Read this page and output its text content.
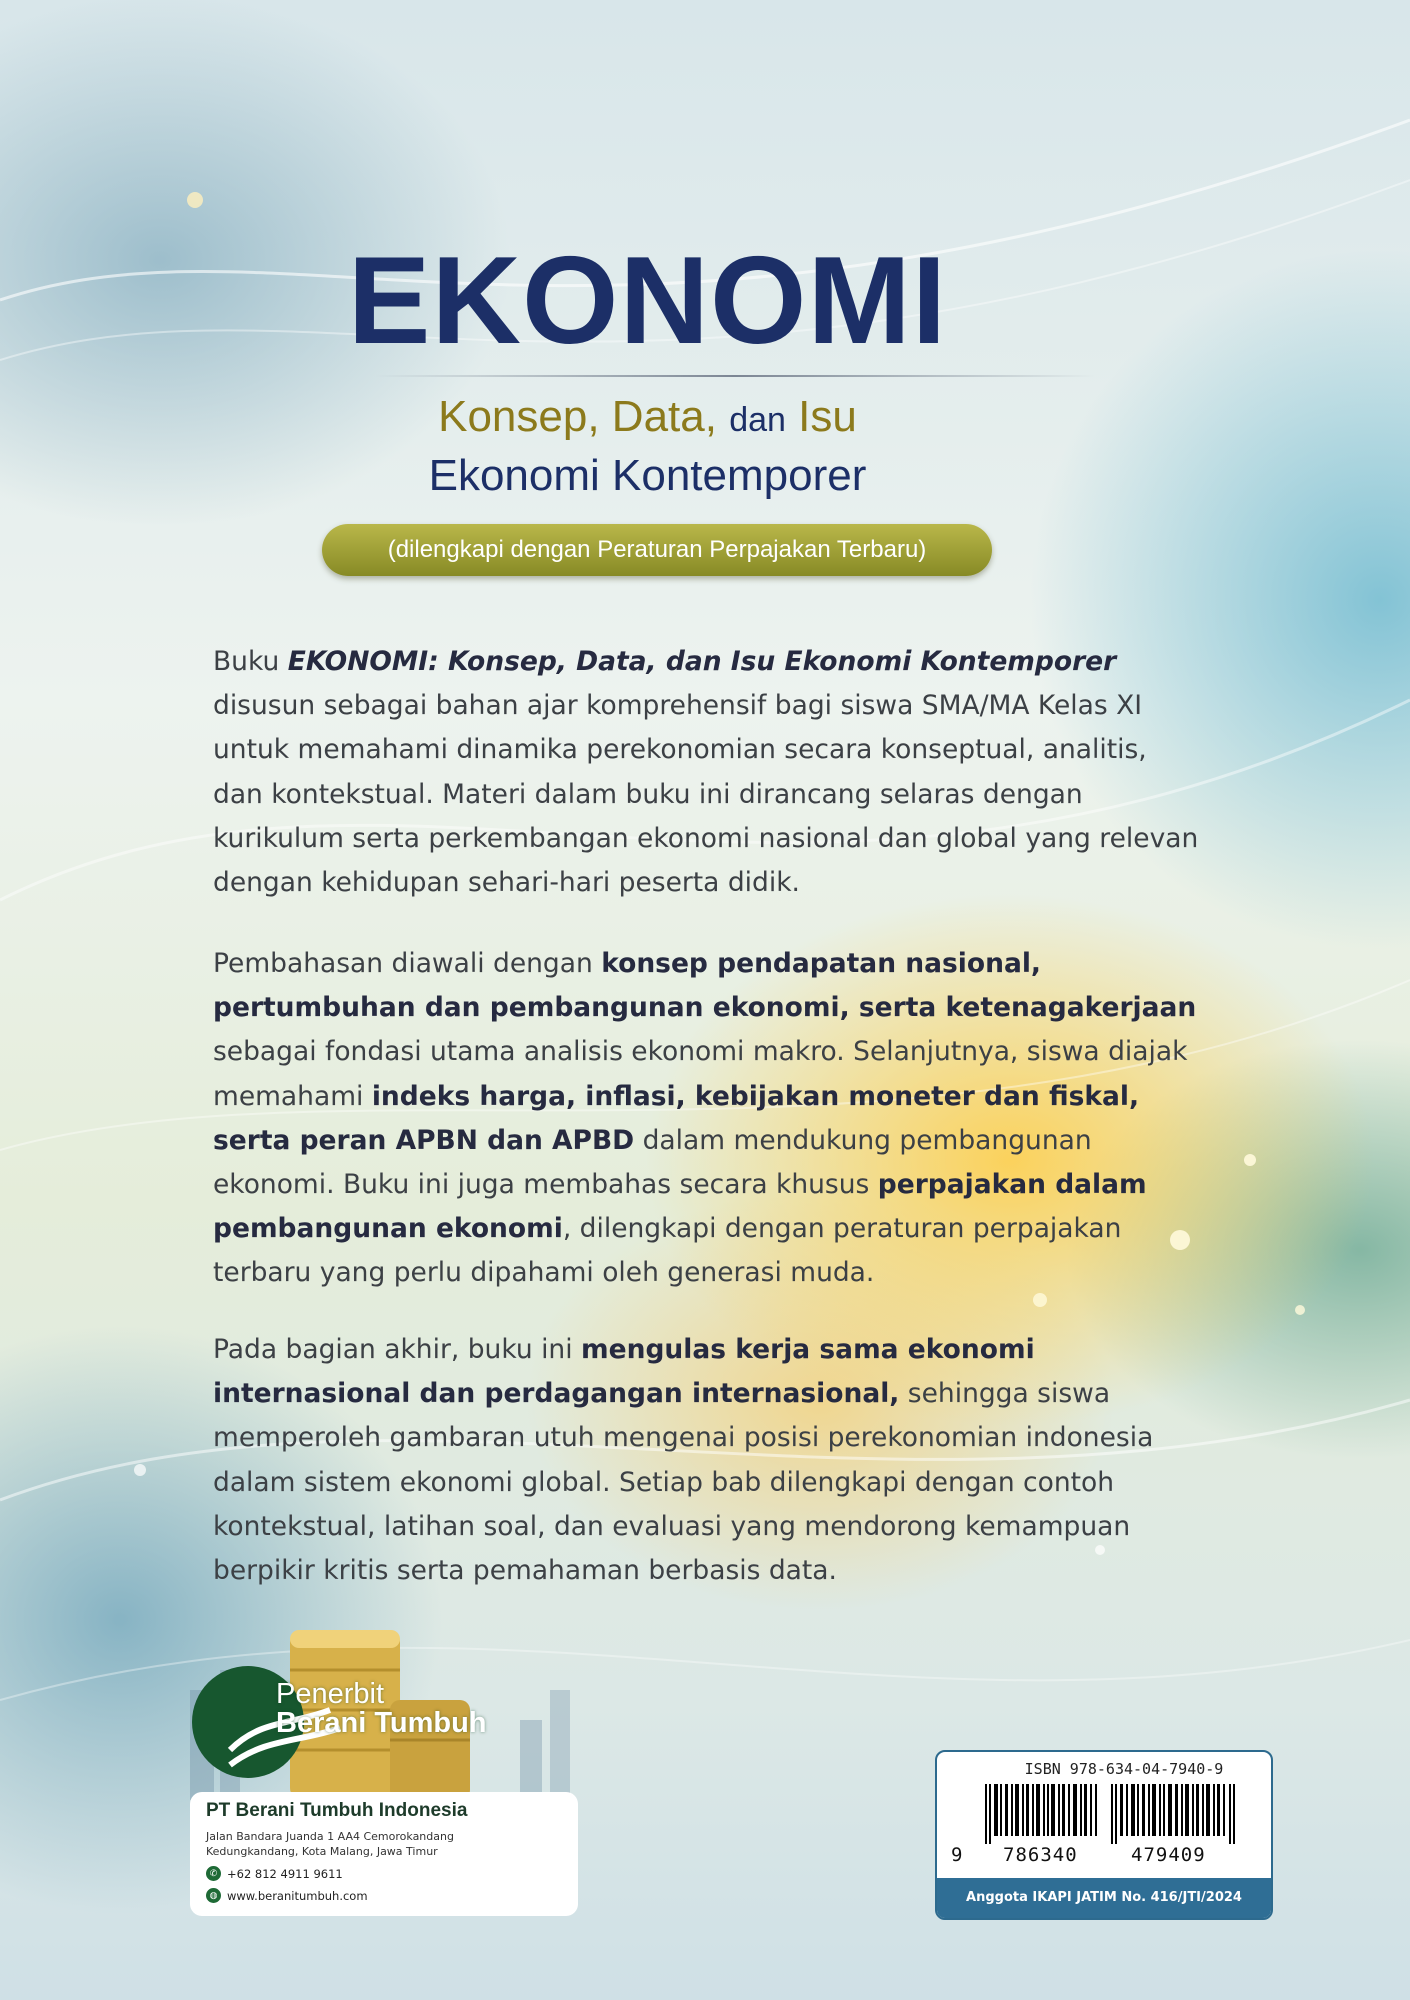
EKONOMI
Konsep, Data, dan Isu
Ekonomi Kontemporer
(dilengkapi dengan Peraturan Perpajakan Terbaru)
Buku EKONOMI: Konsep, Data, dan Isu Ekonomi Kontemporer disusun sebagai bahan ajar komprehensif bagi siswa SMA/MA Kelas XI untuk memahami dinamika perekonomian secara konseptual, analitis, dan kontekstual. Materi dalam buku ini dirancang selaras dengan kurikulum serta perkembangan ekonomi nasional dan global yang relevan dengan kehidupan sehari-hari peserta didik.
Pembahasan diawali dengan konsep pendapatan nasional, pertumbuhan dan pembangunan ekonomi, serta ketenagakerjaan sebagai fondasi utama analisis ekonomi makro. Selanjutnya, siswa diajak memahami indeks harga, inflasi, kebijakan moneter dan fiskal, serta peran APBN dan APBD dalam mendukung pembangunan ekonomi. Buku ini juga membahas secara khusus perpajakan dalam pembangunan ekonomi, dilengkapi dengan peraturan perpajakan terbaru yang perlu dipahami oleh generasi muda.
Pada bagian akhir, buku ini mengulas kerja sama ekonomi internasional dan perdagangan internasional, sehingga siswa memperoleh gambaran utuh mengenai posisi perekonomian indonesia dalam sistem ekonomi global. Setiap bab dilengkapi dengan contoh kontekstual, latihan soal, dan evaluasi yang mendorong kemampuan berpikir kritis serta pemahaman berbasis data.
Penerbit
Berani Tumbuh
PT Berani Tumbuh Indonesia
Jalan Bandara Juanda 1 AA4 Cemorokandang
Kedungkandang, Kota Malang, Jawa Timur
✆ +62 812 4911 9611
◍ www.beranitumbuh.com
ISBN 978-634-04-7940-9
9 786340	479409
Anggota IKAPI JATIM No. 416/JTI/2024
